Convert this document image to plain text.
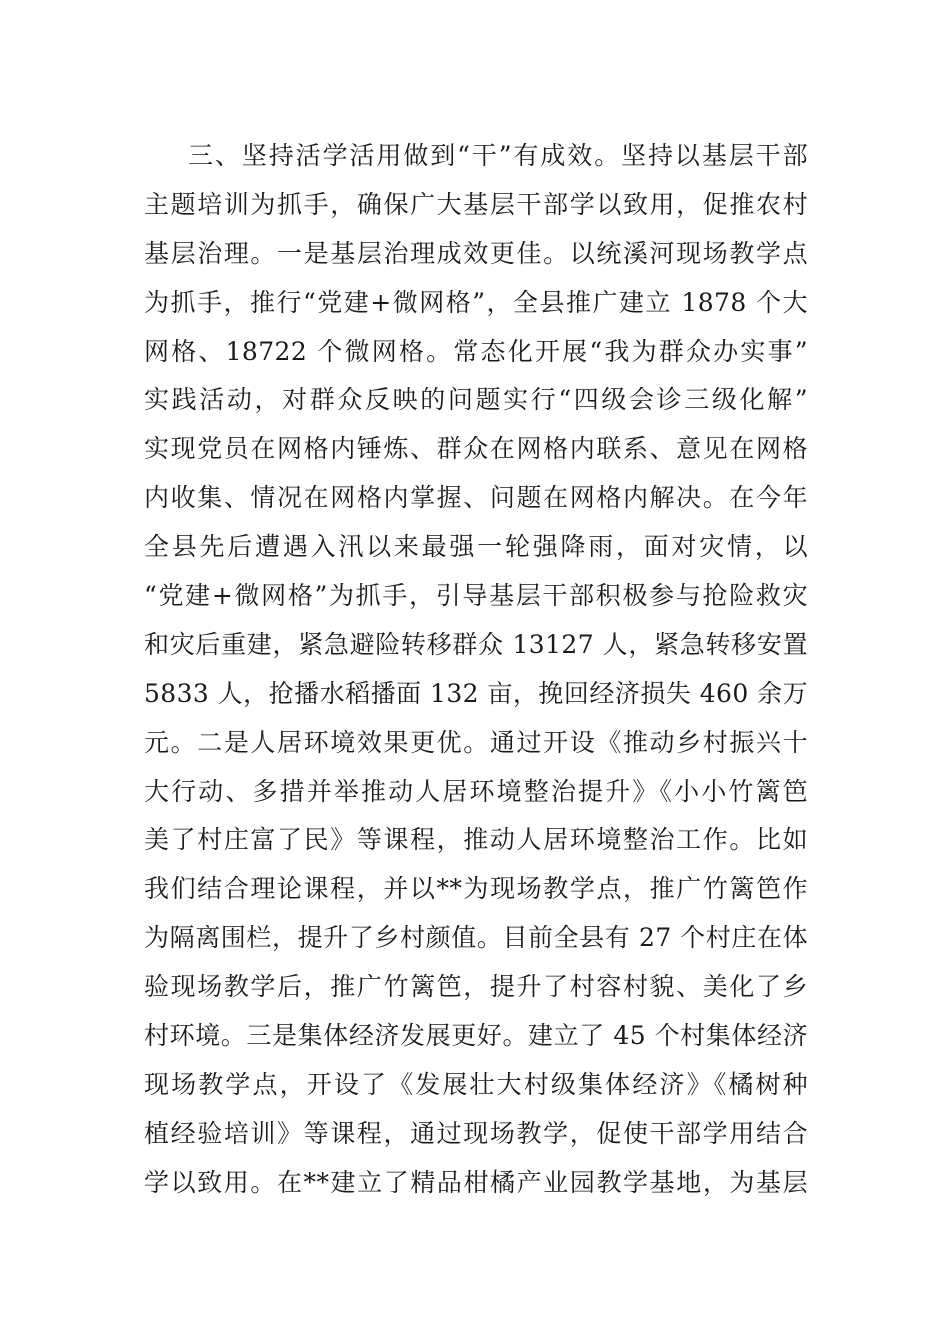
三、坚持活学活用做到“干”有成效。坚持以基层干部
主题培训为抓手，确保广大基层干部学以致用，促推农村
基层治理。一是基层治理成效更佳。以统溪河现场教学点
为抓手，推行“党建+微网格”，全县推广建立 1878 个大
网格、18722 个微网格。常态化开展“我为群众办实事”
实践活动，对群众反映的问题实行“四级会诊三级化解”
实现党员在网格内锤炼、群众在网格内联系、意见在网格
内收集、情况在网格内掌握、问题在网格内解决。在今年
全县先后遭遇入汛以来最强一轮强降雨，面对灾情，以
“党建+微网格”为抓手，引导基层干部积极参与抢险救灾
和灾后重建，紧急避险转移群众 13127 人，紧急转移安置
5833 人，抢播水稻播面 132 亩，挽回经济损失 460 余万
元。二是人居环境效果更优。通过开设《推动乡村振兴十
大行动、多措并举推动人居环境整治提升》《小小竹篱笆
美了村庄富了民》等课程，推动人居环境整治工作。比如
我们结合理论课程，并以**为现场教学点，推广竹篱笆作
为隔离围栏，提升了乡村颜值。目前全县有 27 个村庄在体
验现场教学后，推广竹篱笆，提升了村容村貌、美化了乡
村环境。三是集体经济发展更好。建立了 45 个村集体经济
现场教学点，开设了《发展壮大村级集体经济》《橘树种
植经验培训》等课程，通过现场教学，促使干部学用结合
学以致用。在**建立了精品柑橘产业园教学基地，为基层
